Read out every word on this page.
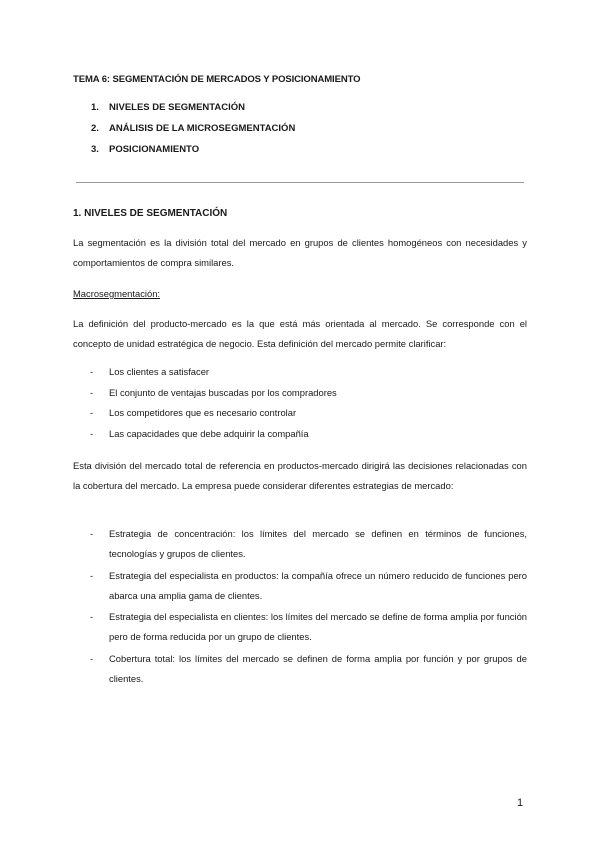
TEMA 6: SEGMENTACIÓN DE MERCADOS Y POSICIONAMIENTO
1.	NIVELES DE SEGMENTACIÓN
2.	ANÁLISIS DE LA MICROSEGMENTACIÓN
3.	POSICIONAMIENTO
1. NIVELES DE SEGMENTACIÓN

La segmentación es la división total del mercado en grupos de clientes homogéneos con necesidades y comportamientos de compra similares.

Macrosegmentación:

La definición del producto-mercado es la que está más orientada al mercado. Se corresponde con el concepto de unidad estratégica de negocio. Esta definición del mercado permite clarificar:

- Los clientes a satisfacer
- El conjunto de ventajas buscadas por los compradores
- Los competidores que es necesario controlar
- Las capacidades que debe adquirir la compañía

Esta división del mercado total de referencia en productos-mercado dirigirá las decisiones relacionadas con la cobertura del mercado. La empresa puede considerar diferentes estrategias de mercado:

- Estrategia de concentración: los límites del mercado se definen en términos de funciones, tecnologías y grupos de clientes.
- Estrategia del especialista en productos: la compañía ofrece un número reducido de funciones pero abarca una amplia gama de clientes.
- Estrategia del especialista en clientes: los límites del mercado se define de forma amplia por función pero de forma reducida por un grupo de clientes.
- Cobertura total: los límites del mercado se definen de forma amplia por función y por grupos de clientes.
1
